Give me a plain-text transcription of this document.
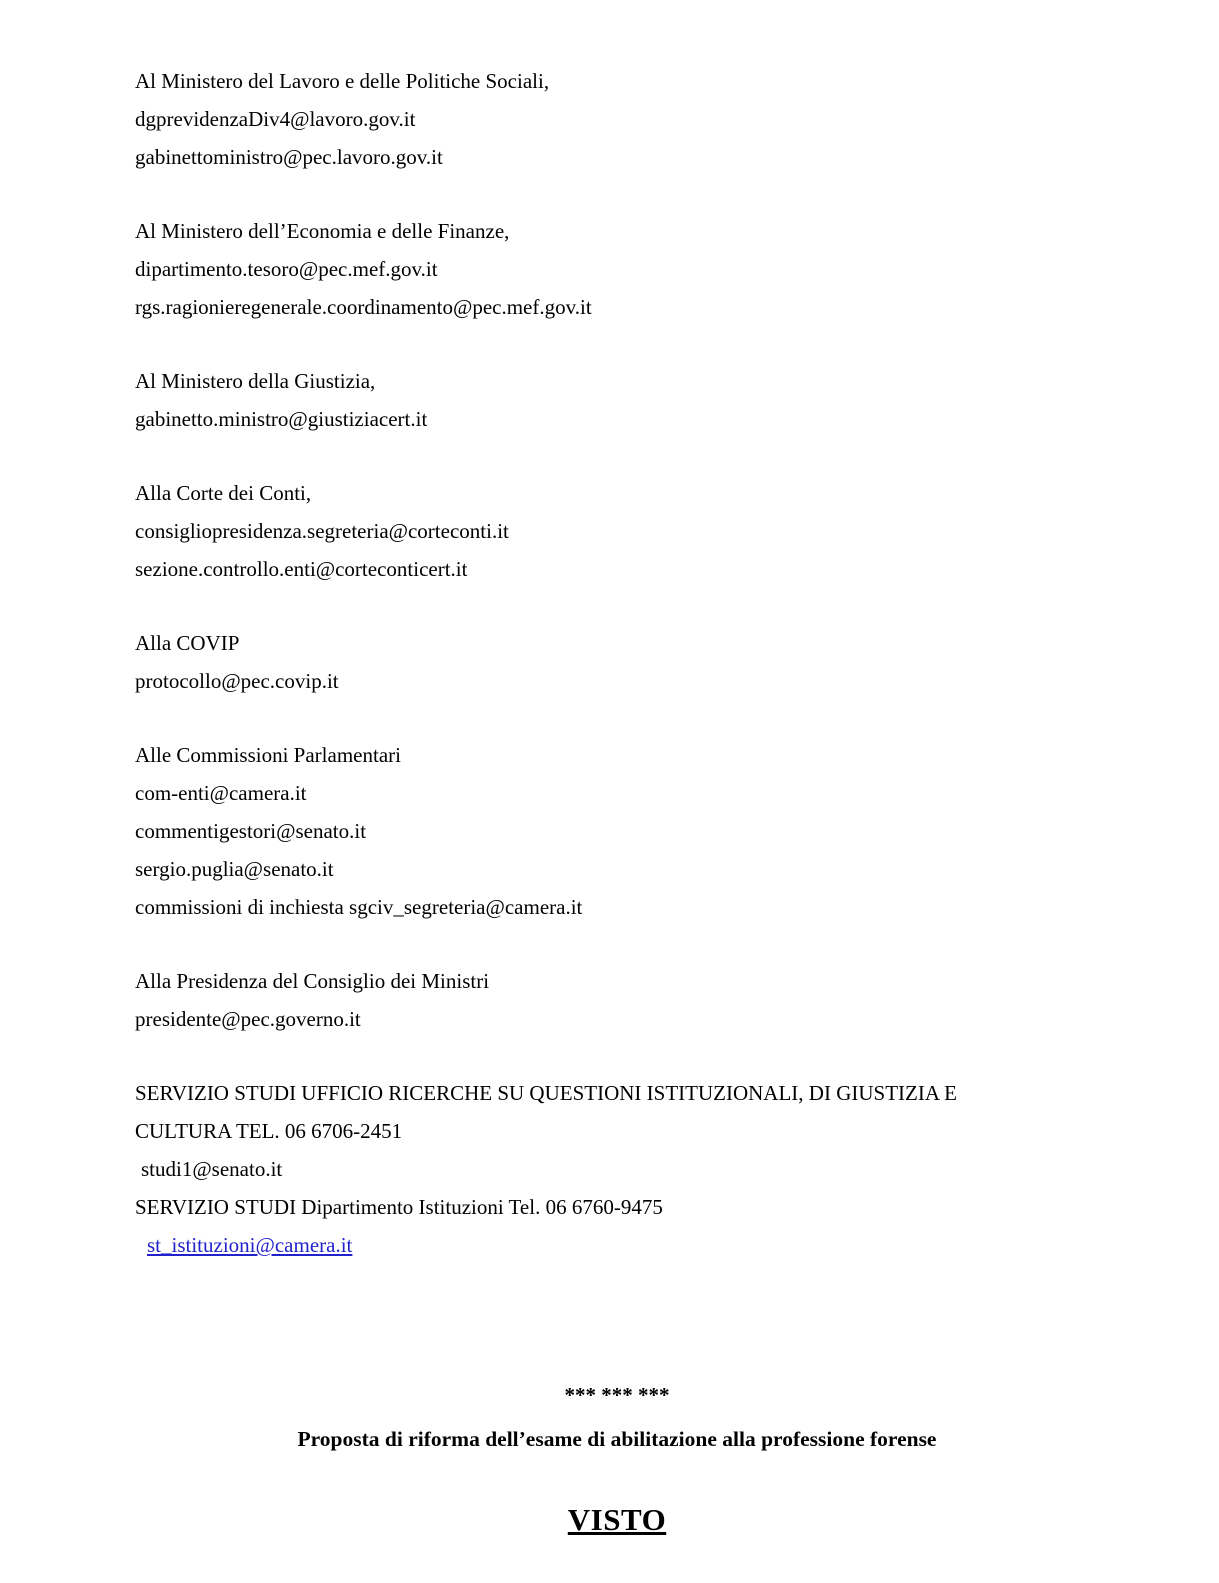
Al Ministero del Lavoro e delle Politiche Sociali,
dgprevidenzaDiv4@lavoro.gov.it
gabinettoministro@pec.lavoro.gov.it
Al Ministero dell’Economia e delle Finanze,
dipartimento.tesoro@pec.mef.gov.it
rgs.ragionieregenerale.coordinamento@pec.mef.gov.it
Al Ministero della Giustizia,
gabinetto.ministro@giustiziacert.it
Alla Corte dei Conti,
consigliopresidenza.segreteria@corteconti.it
sezione.controllo.enti@corteconticert.it
Alla COVIP
protocollo@pec.covip.it
Alle Commissioni Parlamentari
com-enti@camera.it
commentigestori@senato.it
sergio.puglia@senato.it
commissioni di inchiesta sgciv_segreteria@camera.it
Alla Presidenza del Consiglio dei Ministri
presidente@pec.governo.it
SERVIZIO STUDI UFFICIO RICERCHE SU QUESTIONI ISTITUZIONALI, DI GIUSTIZIA E
CULTURA TEL. 06 6706-2451
studi1@senato.it
SERVIZIO STUDI Dipartimento Istituzioni Tel. 06 6760-9475
st_istituzioni@camera.it
*** *** ***
Proposta di riforma dell’esame di abilitazione alla professione forense
VISTO
